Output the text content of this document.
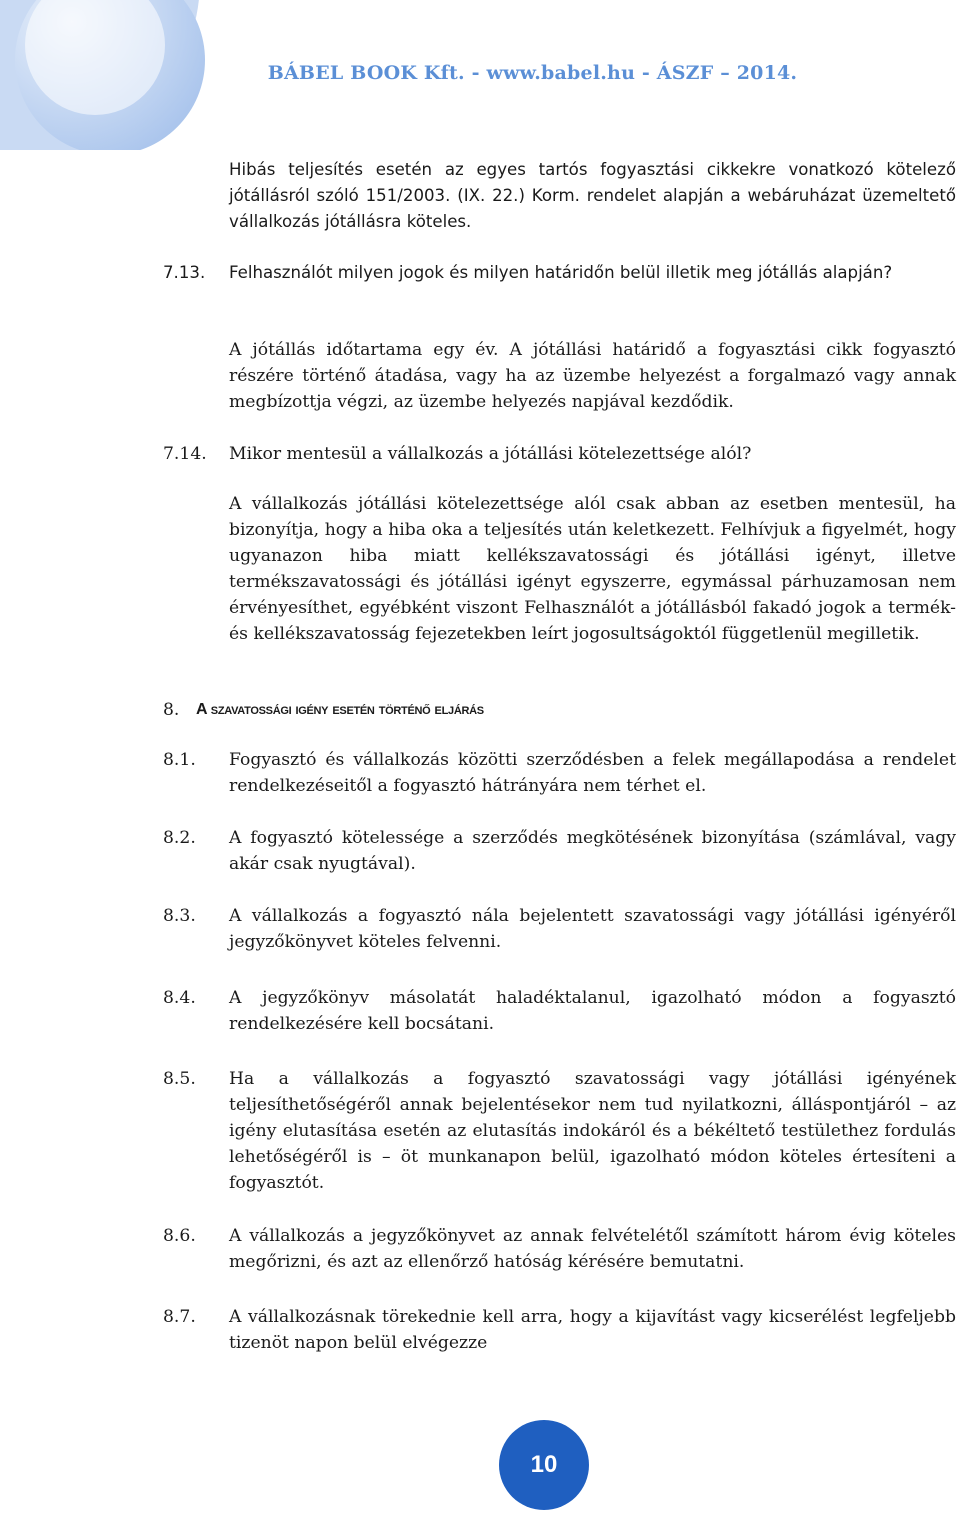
BÁBEL BOOK Kft. - www.babel.hu - ÁSZF – 2014.
Hibás teljesítés esetén az egyes tartós fogyasztási cikkekre vonatkozó kötelező jótállásról szóló 151/2003. (IX. 22.) Korm. rendelet alapján a webáruházat üzemeltető vállalkozás jótállásra köteles.
7.13. Felhasználót milyen jogok és milyen határidőn belül illetik meg jótállás alapján?
A jótállás időtartama egy év. A jótállási határidő a fogyasztási cikk fogyasztó részére történő átadása, vagy ha az üzembe helyezést a forgalmazó vagy annak megbízottja végzi, az üzembe helyezés napjával kezdődik.
7.14. Mikor mentesül a vállalkozás a jótállási kötelezettsége alól?
A vállalkozás jótállási kötelezettsége alól csak abban az esetben mentesül, ha bizonyítja, hogy a hiba oka a teljesítés után keletkezett. Felhívjuk a figyelmét, hogy ugyanazon hiba miatt kellékszavatossági és jótállási igényt, illetve termékszavatossági és jótállási igényt egyszerre, egymással párhuzamosan nem érvényesíthet, egyébként viszont Felhasználót a jótállásból fakadó jogok a termék-és kellékszavatosság fejezetekben leírt jogosultságoktól függetlenül megilletik.
8. A szavatossági igény esetén történő eljárás
8.1. Fogyasztó és vállalkozás közötti szerződésben a felek megállapodása a rendelet rendelkezéseitől a fogyasztó hátrányára nem térhet el.
8.2. A fogyasztó kötelessége a szerződés megkötésének bizonyítása (számlával, vagy akár csak nyugtával).
8.3. A vállalkozás a fogyasztó nála bejelentett szavatossági vagy jótállási igényéről jegyzőkönyvet köteles felvenni.
8.4. A jegyzőkönyv másolatát haladéktalanul, igazolható módon a fogyasztó rendelkezésére kell bocsátani.
8.5. Ha a vállalkozás a fogyasztó szavatossági vagy jótállási igényének teljesíthetőségéről annak bejelentésekor nem tud nyilatkozni, álláspontjáról – az igény elutasítása esetén az elutasítás indokáról és a békéltető testülethez fordulás lehetőségéről is – öt munkanapon belül, igazolható módon köteles értesíteni a fogyasztót.
8.6. A vállalkozás a jegyzőkönyvet az annak felvételétől számított három évig köteles megőrizni, és azt az ellenőrző hatóság kérésére bemutatni.
8.7. A vállalkozásnak törekednie kell arra, hogy a kijavítást vagy kicserélést legfeljebb tizenöt napon belül elvégezze
10
